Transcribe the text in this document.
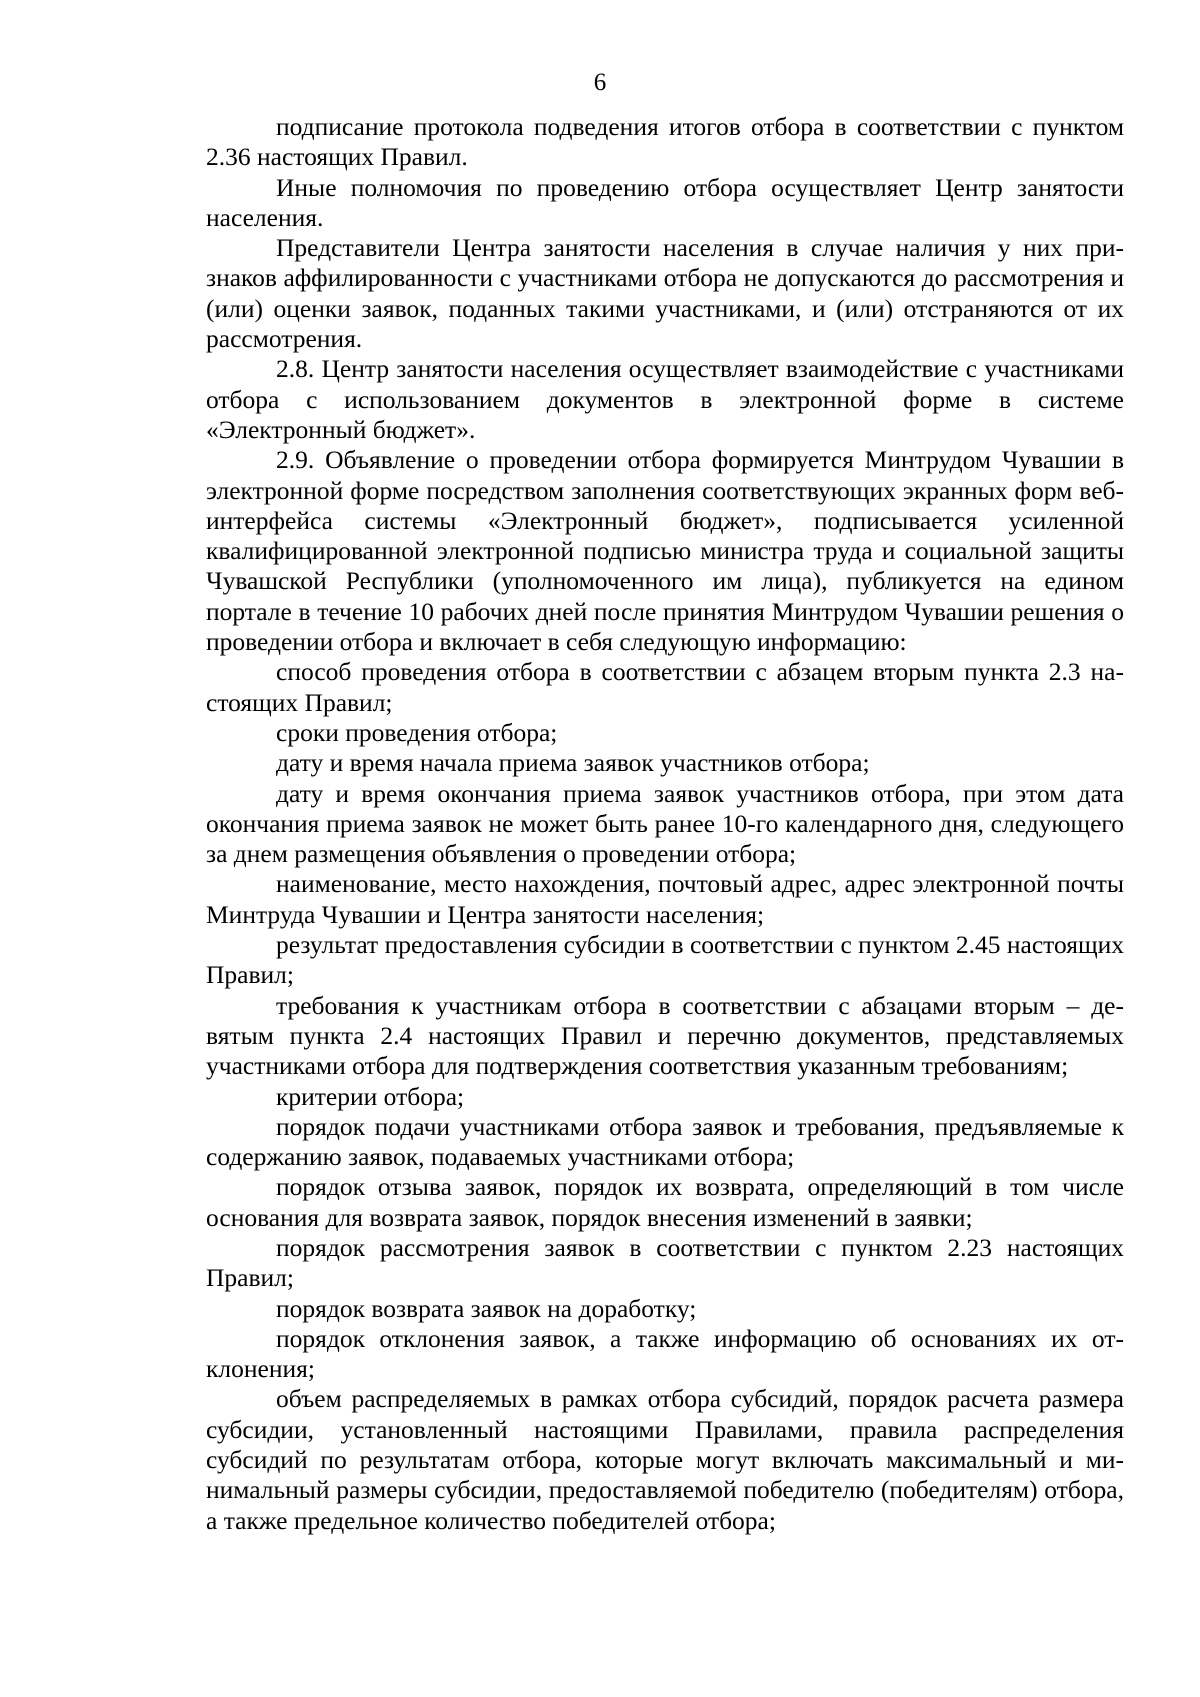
6

подписание протокола подведения итогов отбора в соответствии с пунктом 2.36 настоящих Правил.

Иные полномочия по проведению отбора осуществляет Центр занятости населения.

Представители Центра занятости населения в случае наличия у них признаков аффилированности с участниками отбора не допускаются до рассмотрения и (или) оценки заявок, поданных такими участниками, и (или) отстраняются от их рассмотрения.

2.8. Центр занятости населения осуществляет взаимодействие с участниками отбора с использованием документов в электронной форме в системе «Электронный бюджет».

2.9. Объявление о проведении отбора формируется Минтрудом Чувашии в электронной форме посредством заполнения соответствующих экранных форм веб-интерфейса системы «Электронный бюджет», подписывается усиленной квалифицированной электронной подписью министра труда и социальной защиты Чувашской Республики (уполномоченного им лица), публикуется на едином портале в течение 10 рабочих дней после принятия Минтрудом Чувашии решения о проведении отбора и включает в себя следующую информацию:

способ проведения отбора в соответствии с абзацем вторым пункта 2.3 настоящих Правил;

сроки проведения отбора;

дату и время начала приема заявок участников отбора;

дату и время окончания приема заявок участников отбора, при этом дата окончания приема заявок не может быть ранее 10-го календарного дня, следующего за днем размещения объявления о проведении отбора;

наименование, место нахождения, почтовый адрес, адрес электронной почты Минтруда Чувашии и Центра занятости населения;

результат предоставления субсидии в соответствии с пунктом 2.45 настоящих Правил;

требования к участникам отбора в соответствии с абзацами вторым – девятым пункта 2.4 настоящих Правил и перечню документов, представляемых участниками отбора для подтверждения соответствия указанным требованиям;

критерии отбора;

порядок подачи участниками отбора заявок и требования, предъявляемые к содержанию заявок, подаваемых участниками отбора;

порядок отзыва заявок, порядок их возврата, определяющий в том числе основания для возврата заявок, порядок внесения изменений в заявки;

порядок рассмотрения заявок в соответствии с пунктом 2.23 настоящих Правил;

порядок возврата заявок на доработку;

порядок отклонения заявок, а также информацию об основаниях их отклонения;

объем распределяемых в рамках отбора субсидий, порядок расчета размера субсидии, установленный настоящими Правилами, правила распределения субсидий по результатам отбора, которые могут включать максимальный и минимальный размеры субсидии, предоставляемой победителю (победителям) отбора, а также предельное количество победителей отбора;
